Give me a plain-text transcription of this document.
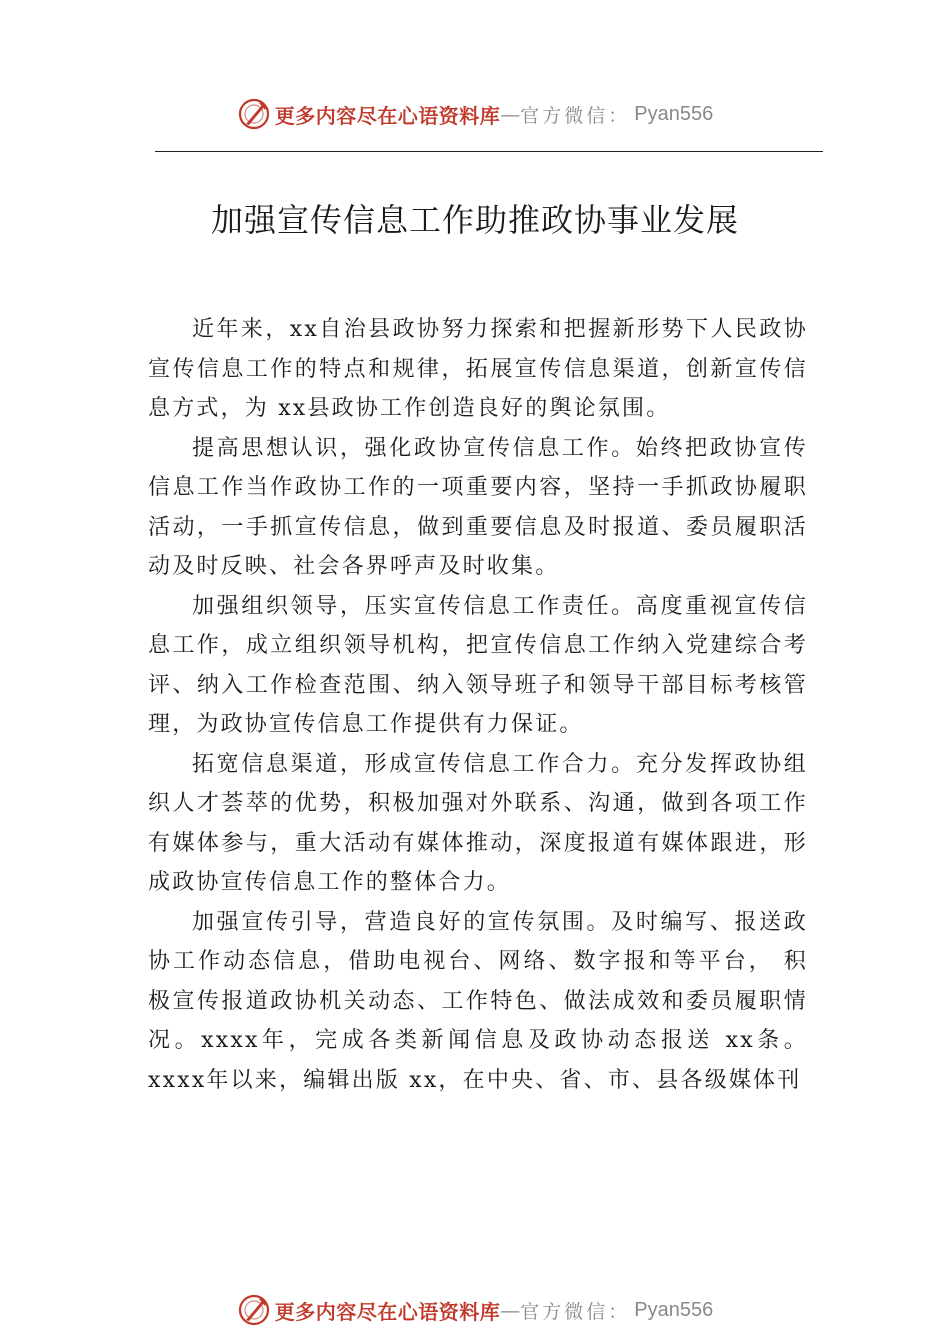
更多内容尽在心语资料库 — 官方微信： Pyan556
加强宣传信息工作助推政协事业发展

近年来，xx自治县政协努力探索和把握新形势下人民政协宣传信息工作的特点和规律，拓展宣传信息渠道，创新宣传信息方式，为 xx县政协工作创造良好的舆论氛围。

提高思想认识，强化政协宣传信息工作。始终把政协宣传信息工作当作政协工作的一项重要内容，坚持一手抓政协履职活动，一手抓宣传信息，做到重要信息及时报道、委员履职活动及时反映、社会各界呼声及时收集。

加强组织领导，压实宣传信息工作责任。高度重视宣传信息工作，成立组织领导机构，把宣传信息工作纳入党建综合考评、纳入工作检查范围、纳入领导班子和领导干部目标考核管理，为政协宣传信息工作提供有力保证。

拓宽信息渠道，形成宣传信息工作合力。充分发挥政协组织人才荟萃的优势，积极加强对外联系、沟通，做到各项工作有媒体参与，重大活动有媒体推动，深度报道有媒体跟进，形成政协宣传信息工作的整体合力。

加强宣传引导，营造良好的宣传氛围。及时编写、报送政协工作动态信息，借助电视台、网络、数字报和等平台， 积极宣传报道政协机关动态、工作特色、做法成效和委员履职情况。xxxx年，完成各类新闻信息及政协动态报送 xx条。xxxx年以来，编辑出版 xx，在中央、省、市、县各级媒体刊

更多内容尽在心语资料库 — 官方微信： Pyan556
